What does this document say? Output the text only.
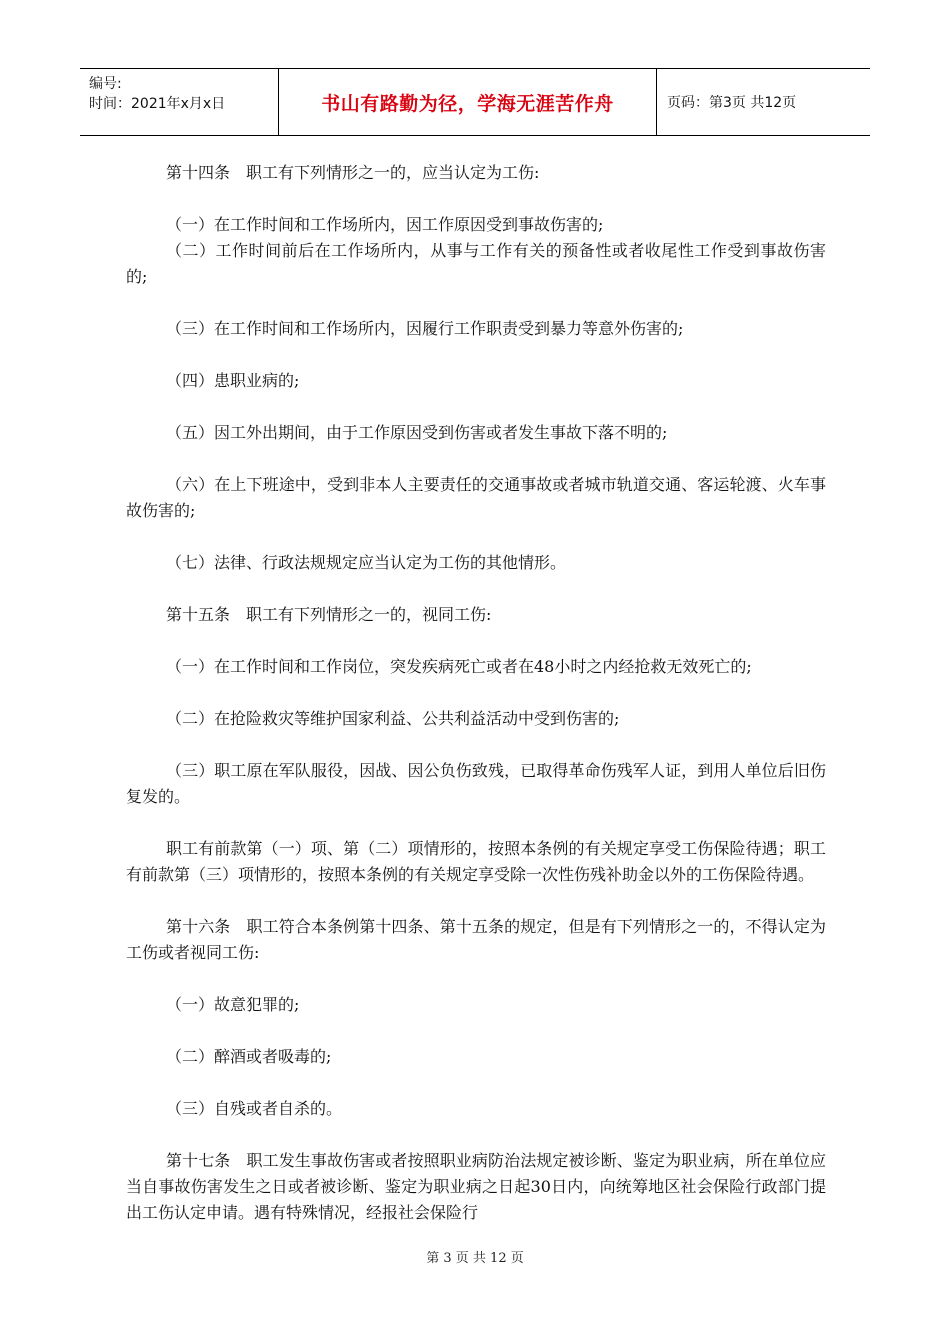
编号:
时间：2021年x月x日	书山有路勤为径，学海无涯苦作舟	页码：第3页 共12页

第十四条　职工有下列情形之一的，应当认定为工伤:

（一）在工作时间和工作场所内，因工作原因受到事故伤害的;

（二）工作时间前后在工作场所内，从事与工作有关的预备性或者收尾性工作受到事故伤害的;

（三）在工作时间和工作场所内，因履行工作职责受到暴力等意外伤害的;

（四）患职业病的;

（五）因工外出期间，由于工作原因受到伤害或者发生事故下落不明的;

（六）在上下班途中，受到非本人主要责任的交通事故或者城市轨道交通、客运轮渡、火车事故伤害的;

（七）法律、行政法规规定应当认定为工伤的其他情形。

第十五条　职工有下列情形之一的，视同工伤:

（一）在工作时间和工作岗位，突发疾病死亡或者在48小时之内经抢救无效死亡的;

（二）在抢险救灾等维护国家利益、公共利益活动中受到伤害的;

（三）职工原在军队服役，因战、因公负伤致残，已取得革命伤残军人证，到用人单位后旧伤复发的。

职工有前款第（一）项、第（二）项情形的，按照本条例的有关规定享受工伤保险待遇；职工有前款第（三）项情形的，按照本条例的有关规定享受除一次性伤残补助金以外的工伤保险待遇。

第十六条　职工符合本条例第十四条、第十五条的规定，但是有下列情形之一的，不得认定为工伤或者视同工伤:

（一）故意犯罪的;

（二）醉酒或者吸毒的;

（三）自残或者自杀的。

第十七条　职工发生事故伤害或者按照职业病防治法规定被诊断、鉴定为职业病，所在单位应当自事故伤害发生之日或者被诊断、鉴定为职业病之日起30日内，向统筹地区社会保险行政部门提出工伤认定申请。遇有特殊情况，经报社会保险行

第 3 页 共 12 页
